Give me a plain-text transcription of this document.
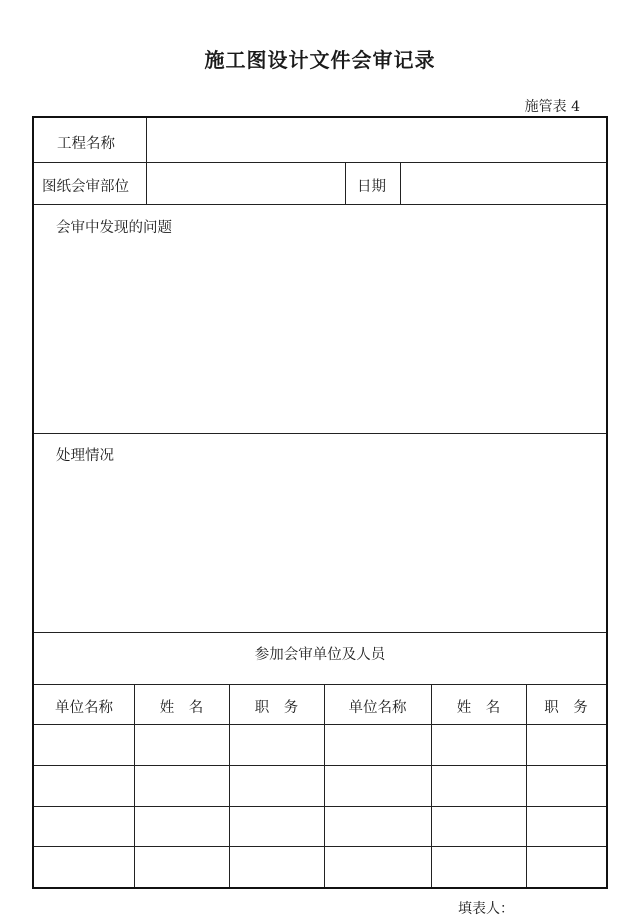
施工图设计文件会审记录
施管表 4
工程名称
图纸会审部位	日期
会审中发现的问题
处理情况
参加会审单位及人员
单位名称	姓　名	职　务	单位名称	姓　名	职　务
填表人：
